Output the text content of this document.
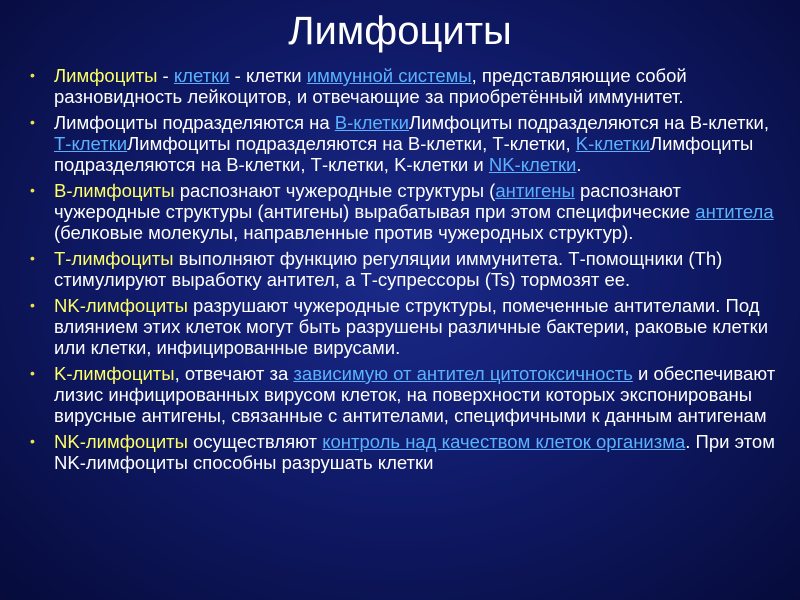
Лимфоциты
• Лимфоциты - клетки - клетки иммунной системы, представляющие собой разновидность лейкоцитов, и отвечающие за приобретённый иммунитет.
• Лимфоциты подразделяются на В-клеткиЛимфоциты подразделяются на В-клетки, Т-клеткиЛимфоциты подразделяются на В-клетки, Т-клетки, K-клеткиЛимфоциты подразделяются на В-клетки, Т-клетки, K-клетки и NK-клетки.
• В-лимфоциты распознают чужеродные структуры (антигены распознают чужеродные структуры (антигены) вырабатывая при этом специфические антитела (белковые молекулы, направленные против чужеродных структур).
• Т-лимфоциты выполняют функцию регуляции иммунитета. Т-помощники (Th) стимулируют выработку антител, а Т-супрессоры (Ts) тормозят ее.
• NK-лимфоциты разрушают чужеродные структуры, помеченные антителами. Под влиянием этих клеток могут быть разрушены различные бактерии, раковые клетки или клетки, инфицированные вирусами.
• K-лимфоциты, отвечают за зависимую от антител цитотоксичность и обеспечивают лизис инфицированных вирусом клеток, на поверхности которых экспонированы вирусные антигены, связанные с антителами, специфичными к данным антигенам
• NK-лимфоциты осуществляют контроль над качеством клеток организма. При этом NK-лимфоциты способны разрушать клетки
